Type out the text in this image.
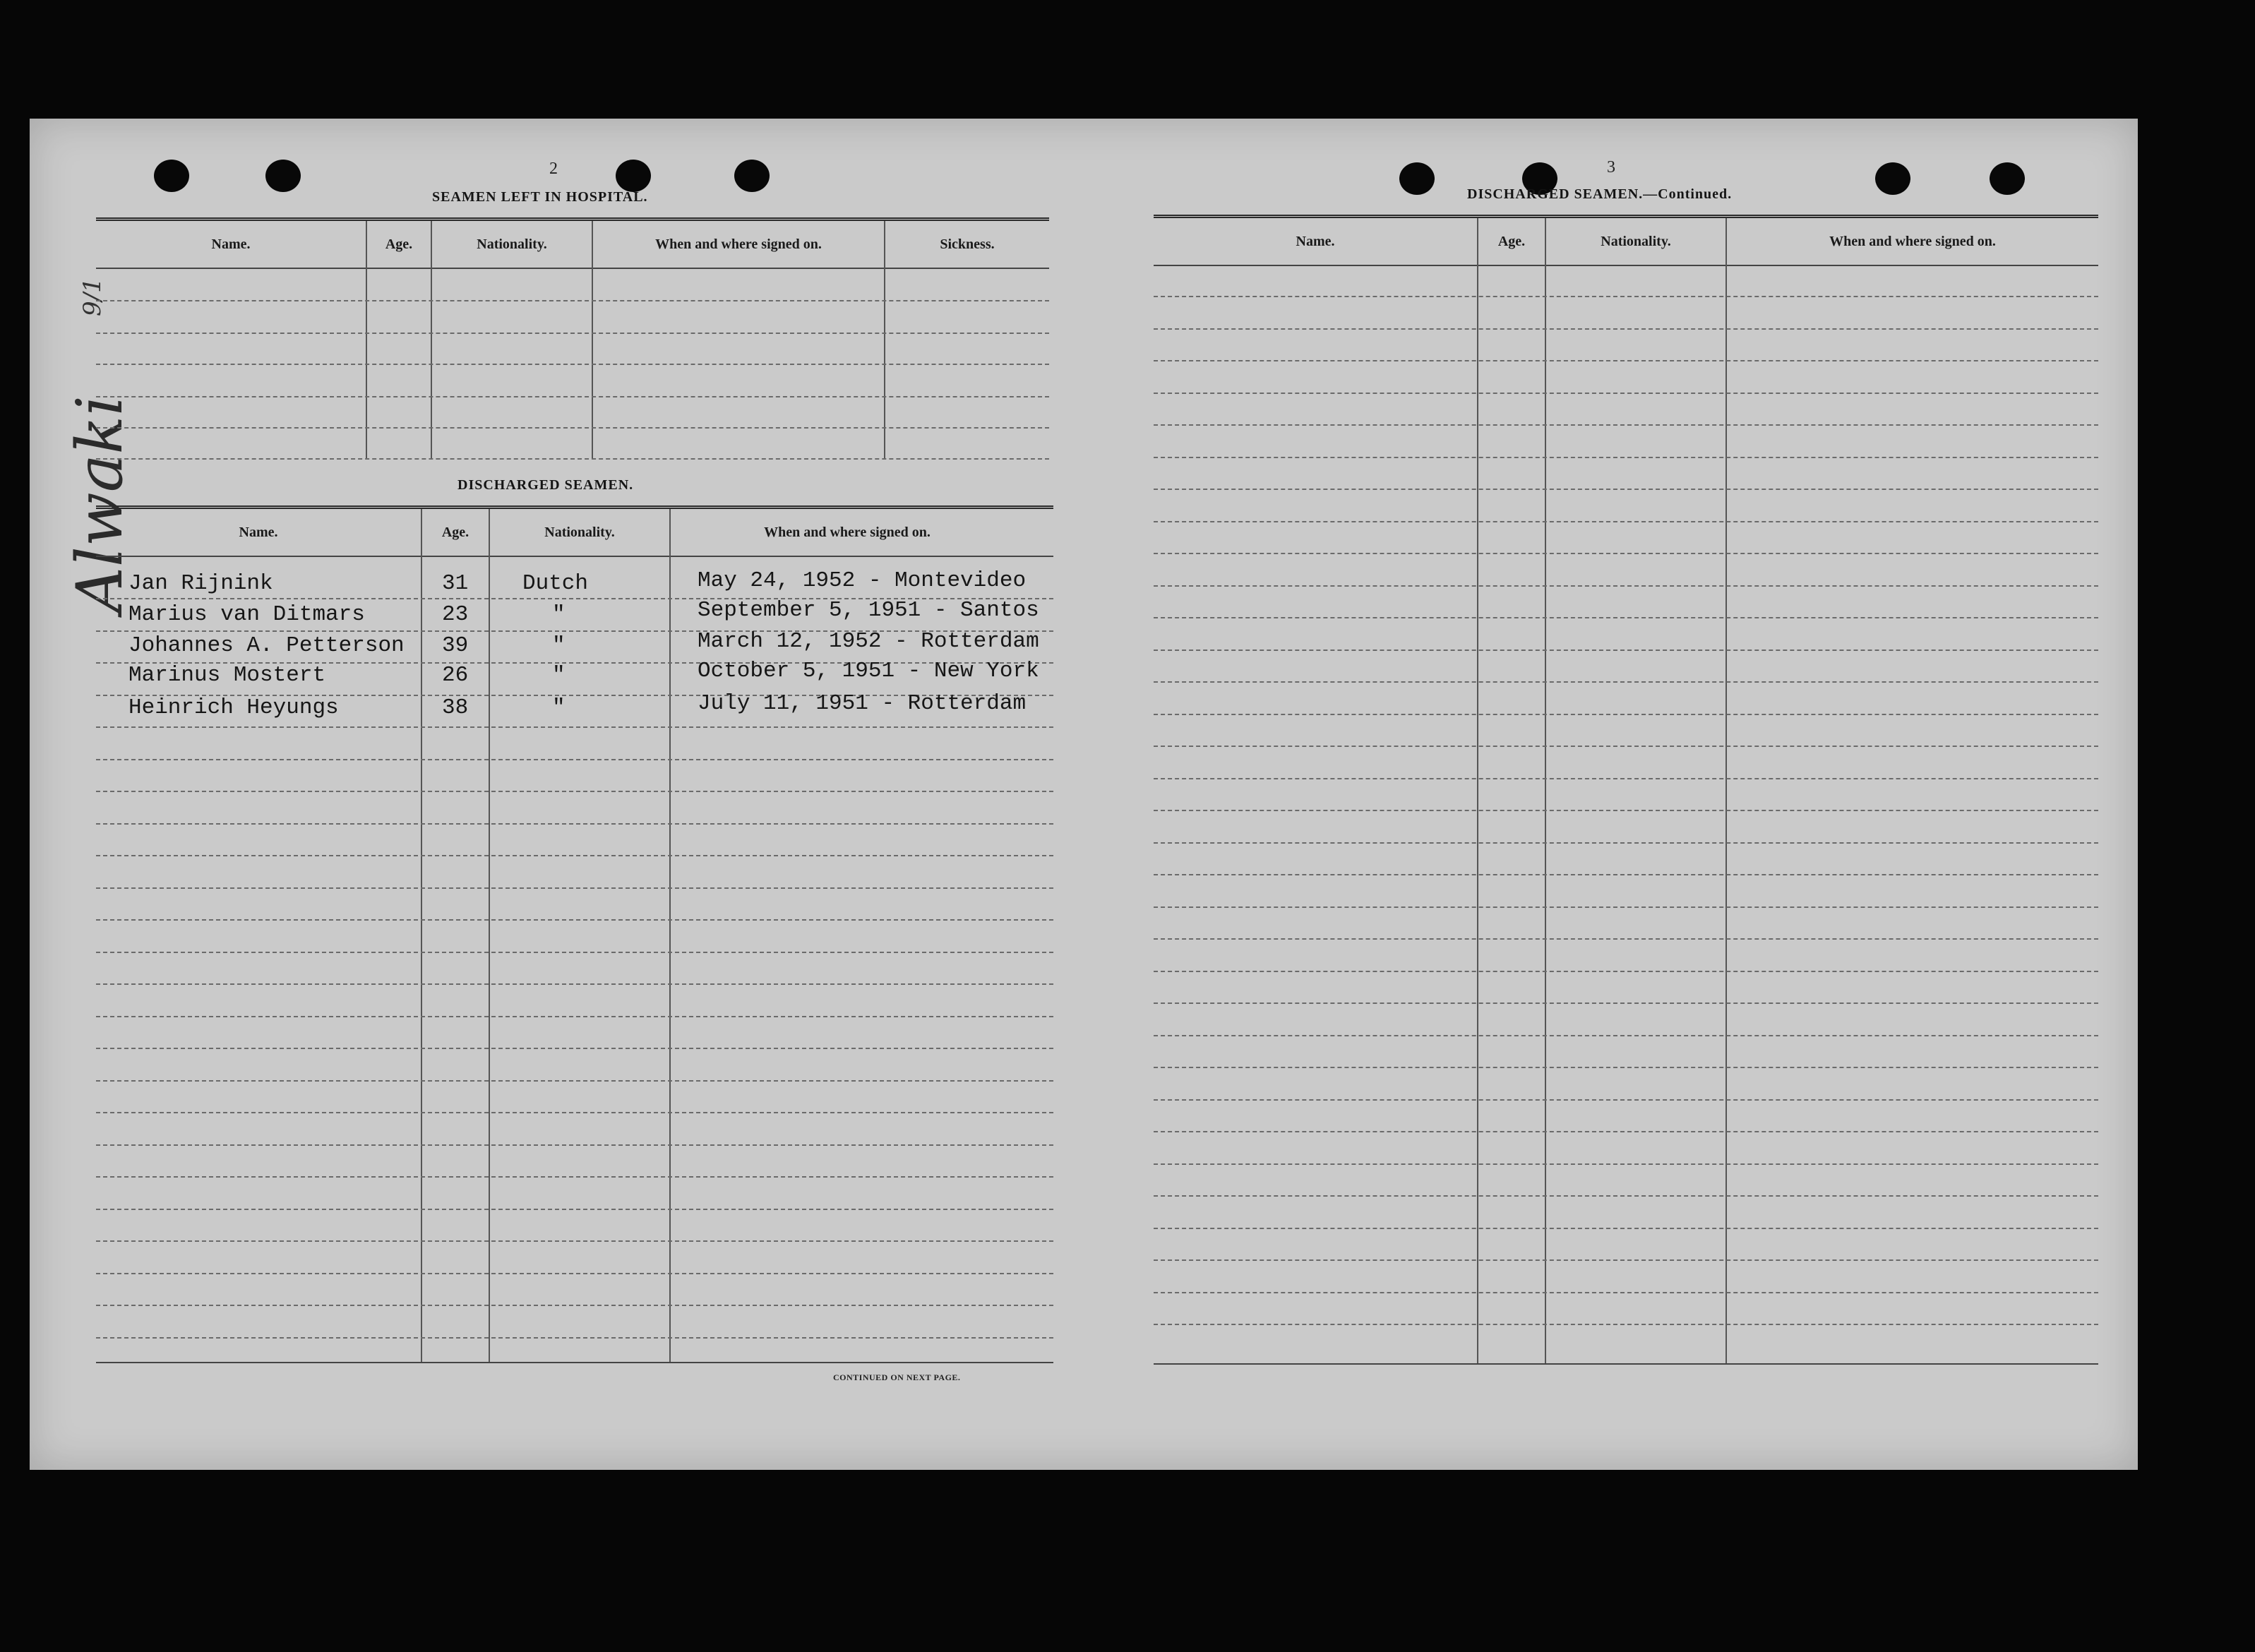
Alwaki
9/1
2
SEAMEN LEFT IN HOSPITAL.
Name.	Age.	Nationality.	When and where signed on.	Sickness.
DISCHARGED SEAMEN.
Name.	Age.	Nationality.	When and where signed on.
Jan Rijnink	31 Dutch	May 24, 1952 - Montevideo
Marius van Ditmars	23	"	September 5, 1951 - Santos
Johannes A. Petterson 39	"	March 12, 1952 - Rotterdam
Marinus Mostert	26	"	October 5, 1951 - New York
Heinrich Heyungs	38	"	July 11, 1951 - Rotterdam
CONTINUED ON NEXT PAGE.
3
DISCHARGED SEAMEN.—Continued.
Name.	Age.	Nationality.	When and where signed on.
